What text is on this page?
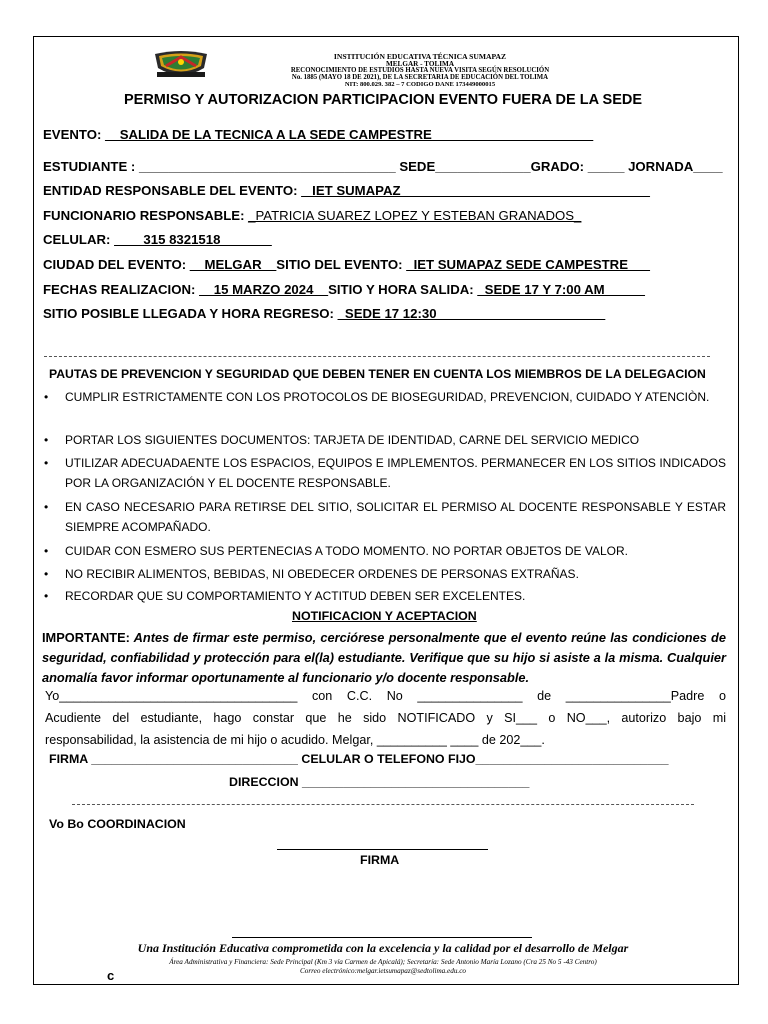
INSTITUCIÓN EDUCATIVA TÉCNICA SUMAPAZ
MELGAR - TOLIMA
RECONOCIMIENTO DE ESTUDIOS HASTA NUEVA VISITA SEGÚN RESOLUCIÓN
No. 1885 (MAYO 18 DE 2021), DE LA SECRETARIA DE EDUCACIÓN DEL TOLIMA
NIT: 800.029. 382 – 7 CODIGO DANE 173449000015
PERMISO Y AUTORIZACION PARTICIPACION EVENTO FUERA DE LA SEDE
EVENTO: __SALIDA DE LA TECNICA A LA SEDE CAMPESTRE______________________
ESTUDIANTE : ___________________________________ SEDE_____________GRADO: _____ JORNADA____
ENTIDAD RESPONSABLE DEL EVENTO: _ IET SUMAPAZ__________________________________
FUNCIONARIO RESPONSABLE: _PATRICIA SUAREZ LOPEZ Y ESTEBAN GRANADOS_
CELULAR: ____315 8321518_______
CIUDAD DEL EVENTO: __MELGAR__SITIO DEL EVENTO: _IET SUMAPAZ SEDE CAMPESTRE___
FECHAS REALIZACION: __15 MARZO 2024__SITIO Y HORA SALIDA: _SEDE 17 Y 7:00 AM _____
SITIO POSIBLE LLEGADA Y HORA REGRESO: _SEDE 17 12:30_______________________
PAUTAS DE PREVENCION Y SEGURIDAD QUE DEBEN TENER EN CUENTA LOS MIEMBROS DE LA DELEGACION
•	CUMPLIR ESTRICTAMENTE CON LOS PROTOCOLOS DE BIOSEGURIDAD, PREVENCION, CUIDADO Y ATENCIÒN.
•	PORTAR LOS SIGUIENTES DOCUMENTOS: TARJETA DE IDENTIDAD, CARNE DEL SERVICIO MEDICO
•	UTILIZAR ADECUADAENTE LOS ESPACIOS, EQUIPOS E IMPLEMENTOS. PERMANECER EN LOS SITIOS INDICADOS POR LA ORGANIZACIÓN Y EL DOCENTE RESPONSABLE.
•	EN CASO NECESARIO PARA RETIRSE DEL SITIO, SOLICITAR EL PERMISO AL DOCENTE RESPONSABLE Y ESTAR SIEMPRE ACOMPAÑADO.
•	CUIDAR CON ESMERO SUS PERTENECIAS A TODO MOMENTO. NO PORTAR OBJETOS DE VALOR.
•	NO RECIBIR ALIMENTOS, BEBIDAS, NI OBEDECER ORDENES DE PERSONAS EXTRAÑAS.
•	RECORDAR QUE SU COMPORTAMIENTO Y ACTITUD DEBEN SER EXCELENTES.
NOTIFICACION Y ACEPTACION
IMPORTANTE: Antes de firmar este permiso, cerciórese personalmente que el evento reúne las condiciones de seguridad, confiabilidad y protección para el(la) estudiante. Verifique que su hijo si asiste a la misma. Cualquier anomalía favor informar oportunamente al funcionario y/o docente responsable.
Yo__________________________________ con C.C. No _______________ de _______________Padre o
Acudiente del estudiante, hago constar que he sido NOTIFICADO y SI___ o NO___, autorizo bajo mi
responsabilidad, la asistencia de mi hijo o acudido. Melgar, __________ ____ de 202___.
FIRMA ______________________________ CELULAR O TELEFONO FIJO____________________________
DIRECCION _________________________________
Vo Bo COORDINACION
FIRMA
Una Institución Educativa comprometida con la excelencia y la calidad por el desarrollo de Melgar
Área Administrativa y Financiera: Sede Principal (Km 3 vía Carmen de Apicalá); Secretaría: Sede Antonio María Lozano (Cra 25 No 5 -43 Centro)
Correo electrónico:melgar.ietsumapaz@sedtolima.edu.co
c
